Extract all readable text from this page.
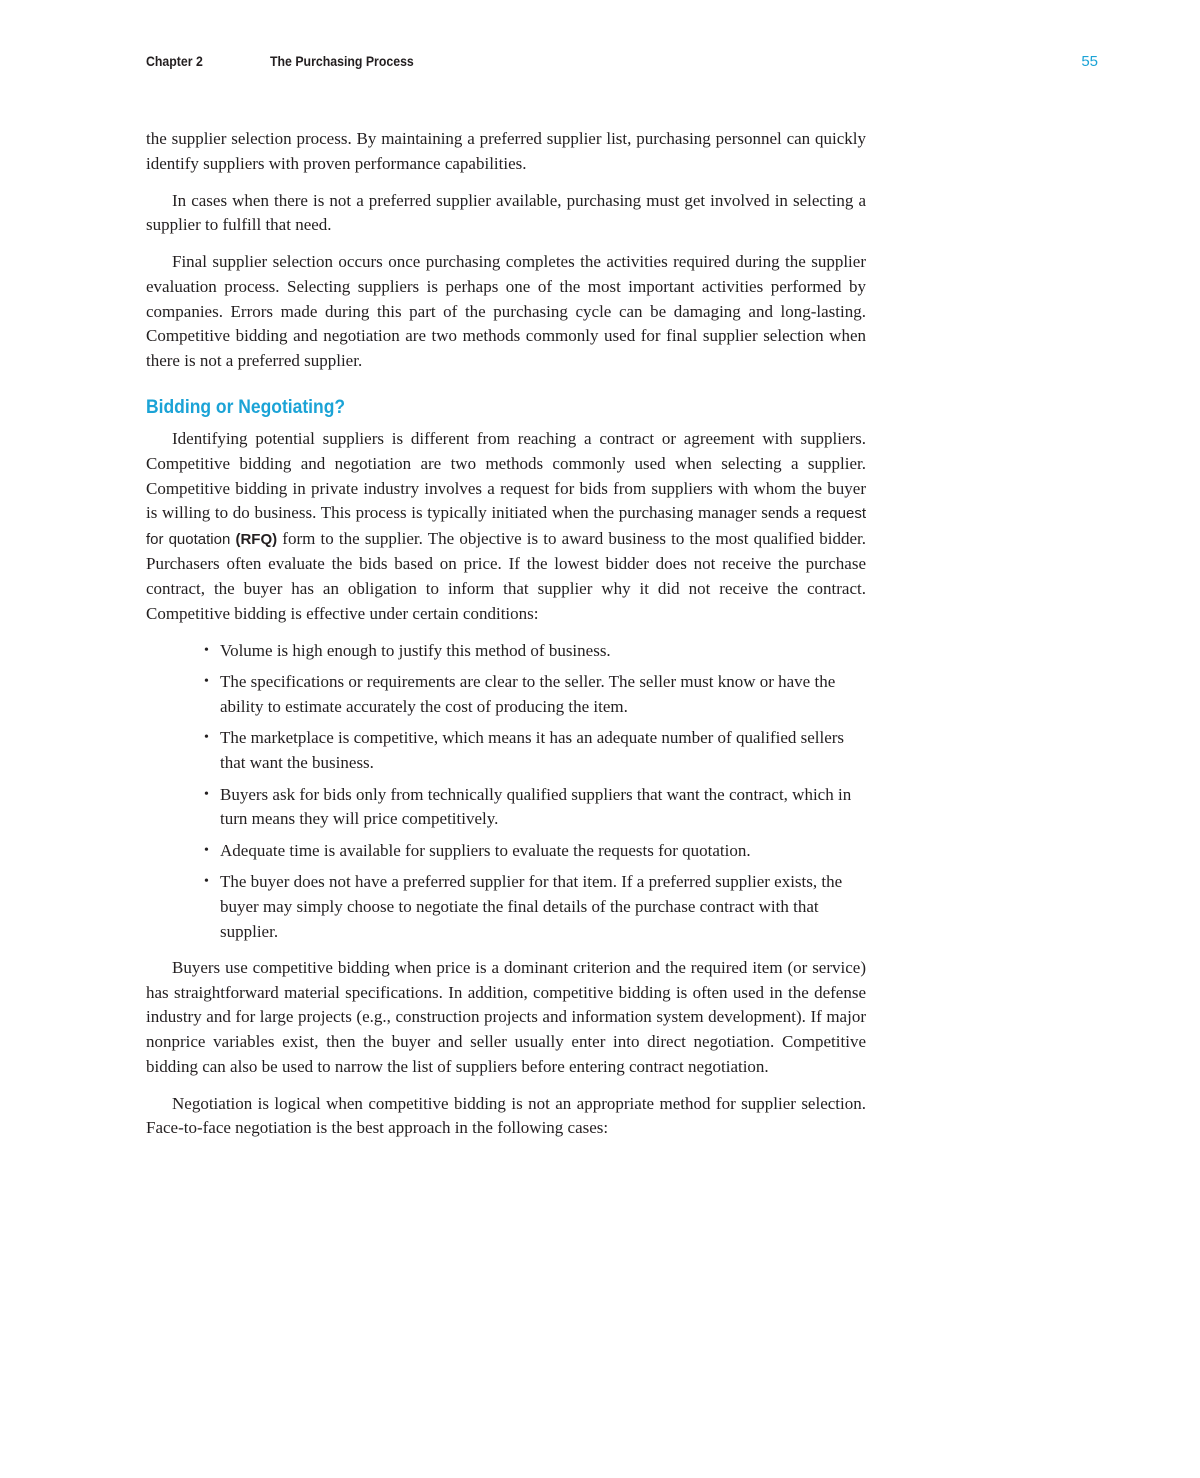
Chapter 2	The Purchasing Process	55

the supplier selection process. By maintaining a preferred supplier list, purchasing personnel can quickly identify suppliers with proven performance capabilities.

In cases when there is not a preferred supplier available, purchasing must get involved in selecting a supplier to fulfill that need.

Final supplier selection occurs once purchasing completes the activities required during the supplier evaluation process. Selecting suppliers is perhaps one of the most important activities performed by companies. Errors made during this part of the purchasing cycle can be damaging and long-lasting. Competitive bidding and negotiation are two methods commonly used for final supplier selection when there is not a preferred supplier.

Bidding or Negotiating?

Identifying potential suppliers is different from reaching a contract or agreement with suppliers. Competitive bidding and negotiation are two methods commonly used when selecting a supplier. Competitive bidding in private industry involves a request for bids from suppliers with whom the buyer is willing to do business. This process is typically initiated when the purchasing manager sends a request for quotation (RFQ) form to the supplier. The objective is to award business to the most qualified bidder. Purchasers often evaluate the bids based on price. If the lowest bidder does not receive the purchase contract, the buyer has an obligation to inform that supplier why it did not receive the contract. Competitive bidding is effective under certain conditions:

• Volume is high enough to justify this method of business.
• The specifications or requirements are clear to the seller. The seller must know or have the ability to estimate accurately the cost of producing the item.
• The marketplace is competitive, which means it has an adequate number of qualified sellers that want the business.
• Buyers ask for bids only from technically qualified suppliers that want the contract, which in turn means they will price competitively.
• Adequate time is available for suppliers to evaluate the requests for quotation.
• The buyer does not have a preferred supplier for that item. If a preferred supplier exists, the buyer may simply choose to negotiate the final details of the purchase contract with that supplier.

Buyers use competitive bidding when price is a dominant criterion and the required item (or service) has straightforward material specifications. In addition, competitive bidding is often used in the defense industry and for large projects (e.g., construction projects and information system development). If major nonprice variables exist, then the buyer and seller usually enter into direct negotiation. Competitive bidding can also be used to narrow the list of suppliers before entering contract negotiation.

Negotiation is logical when competitive bidding is not an appropriate method for supplier selection. Face-to-face negotiation is the best approach in the following cases:
